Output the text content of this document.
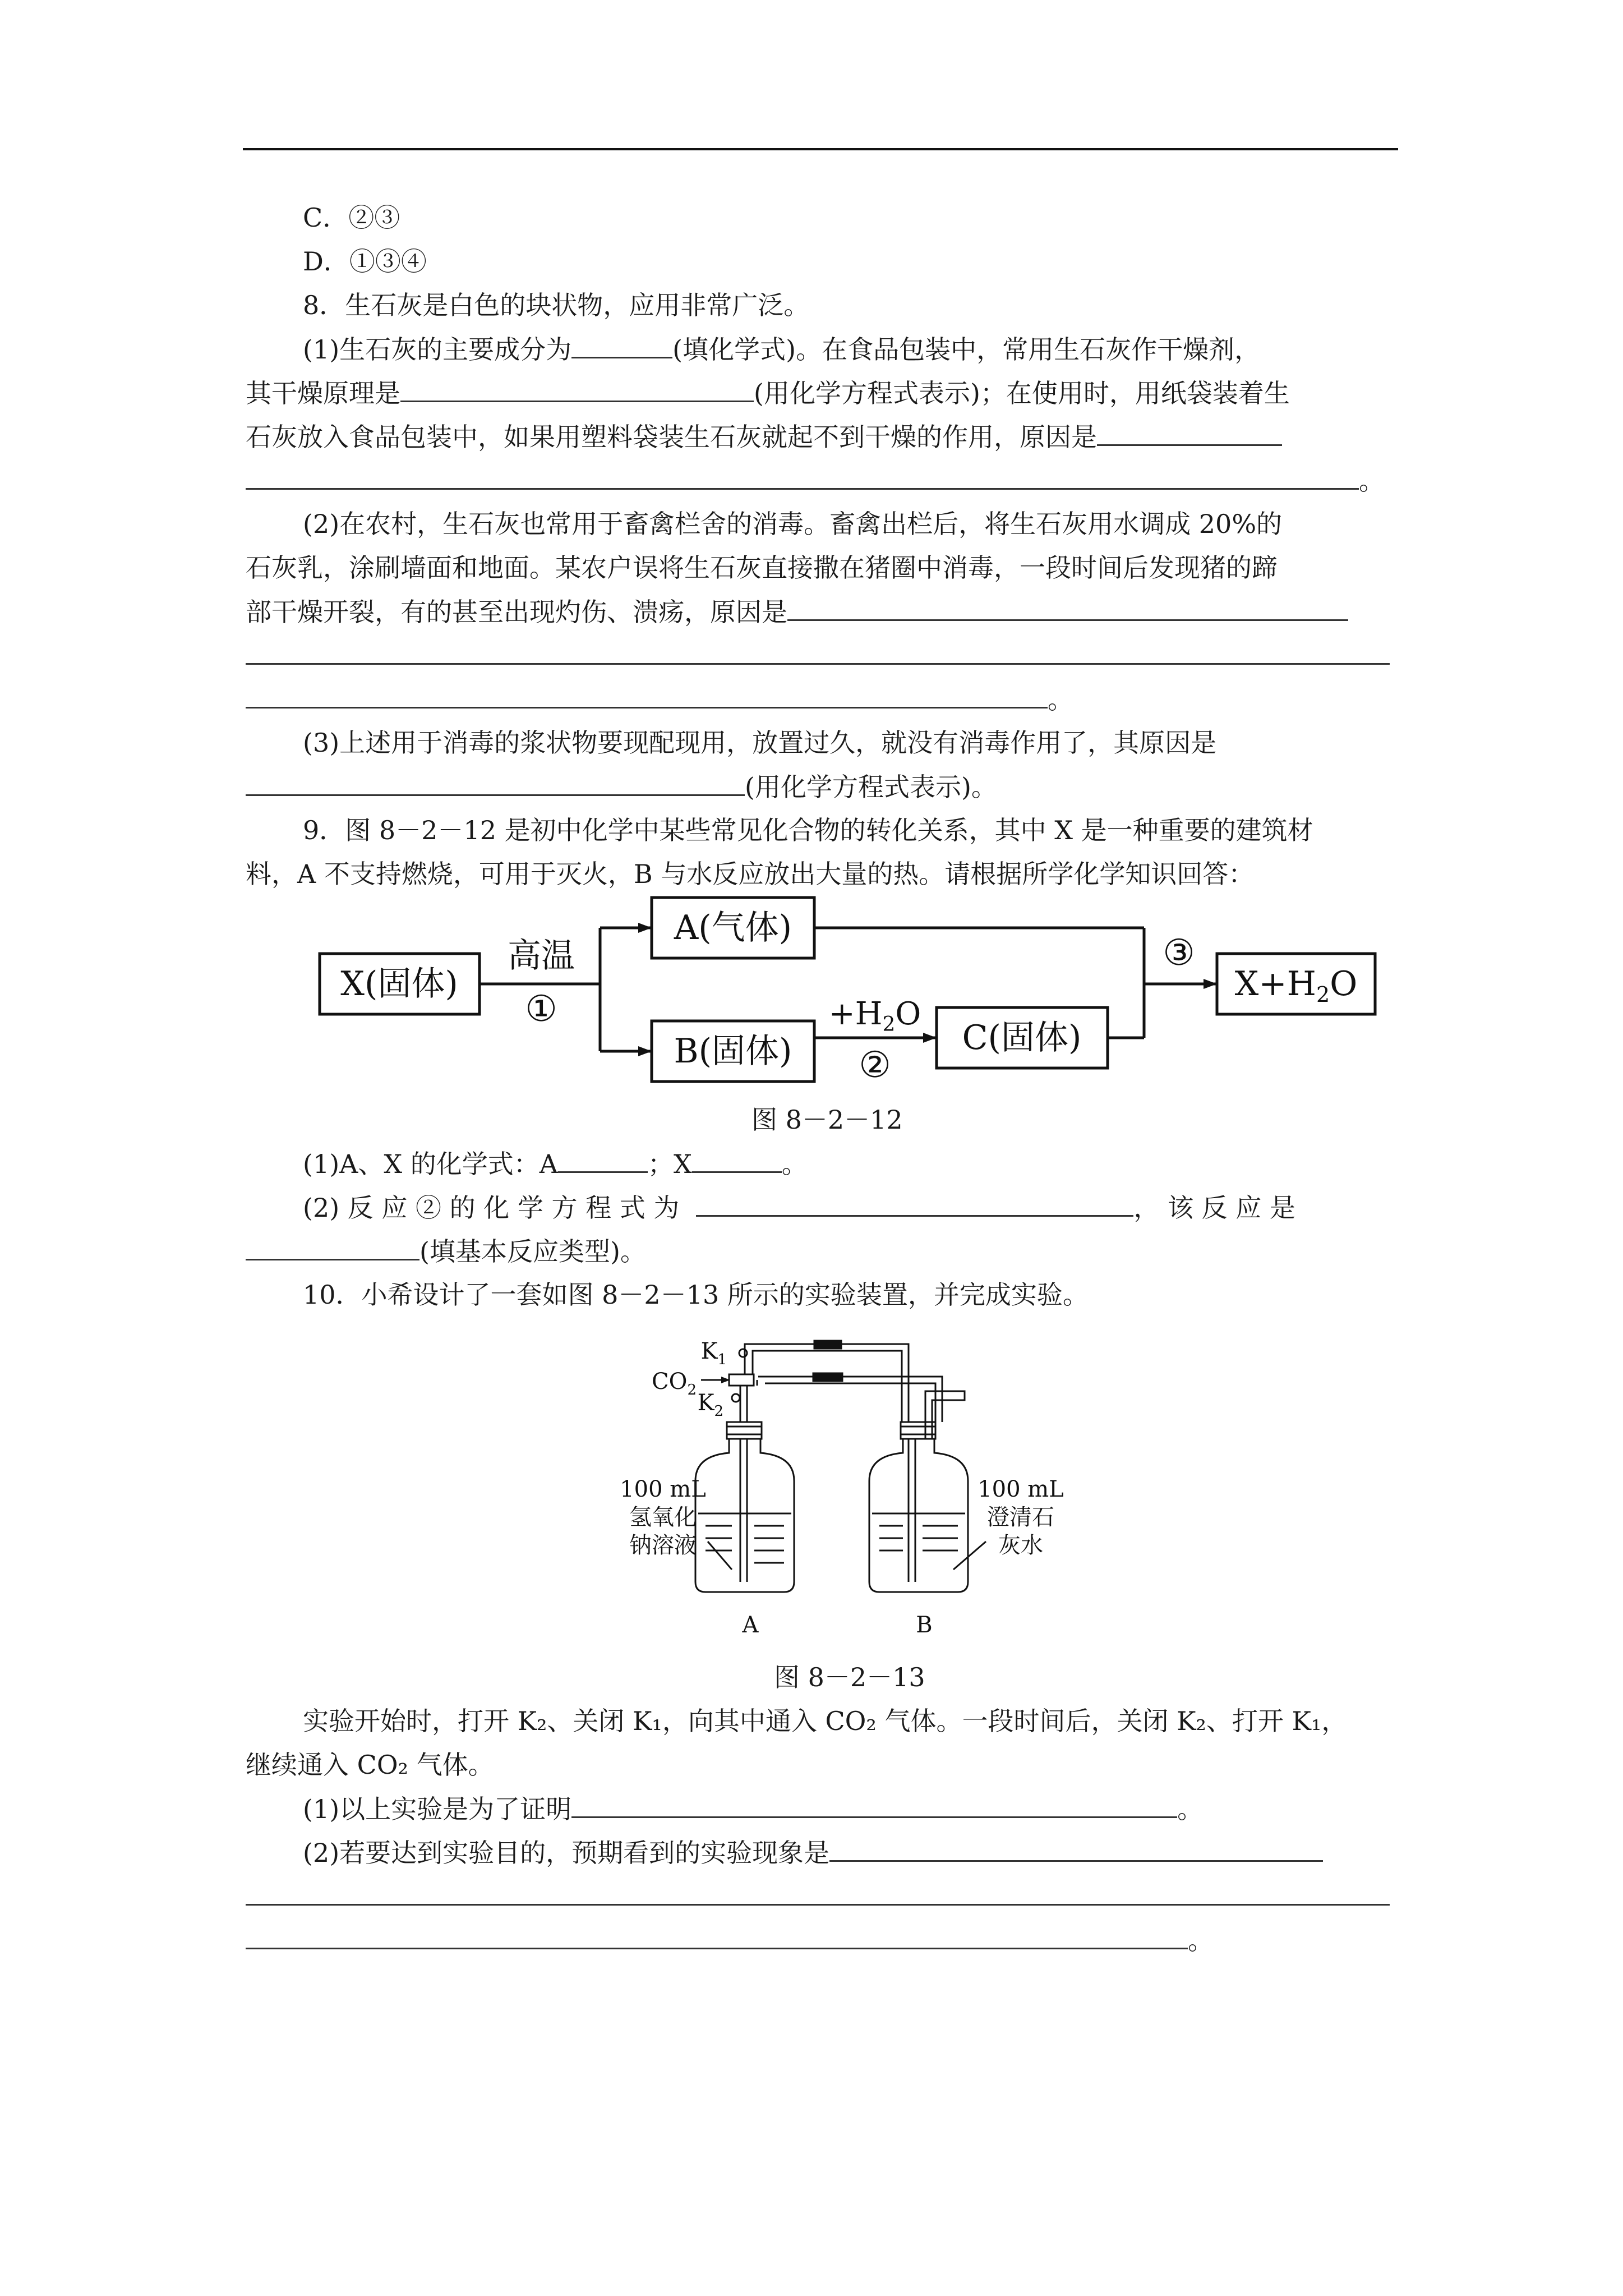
C．②③
D．①③④
8．生石灰是白色的块状物，应用非常广泛。
(1)生石灰的主要成分为	(填化学式)。在食品包装中，常用生石灰作干燥剂，
其干燥原理是	(用化学方程式表示)；在使用时，用纸袋装着生
石灰放入食品包装中，如果用塑料袋装生石灰就起不到干燥的作用，原因是
。
(2)在农村，生石灰也常用于畜禽栏舍的消毒。畜禽出栏后，将生石灰用水调成 20%的
石灰乳，涂刷墙面和地面。某农户误将生石灰直接撒在猪圈中消毒，一段时间后发现猪的蹄
部干燥开裂，有的甚至出现灼伤、溃疡，原因是
。
(3)上述用于消毒的浆状物要现配现用，放置过久，就没有消毒作用了，其原因是
(用化学方程式表示)。
9．图 8－2－12 是初中化学中某些常见化合物的转化关系，其中 X 是一种重要的建筑材
料，A 不支持燃烧，可用于灭火，B 与水反应放出大量的热。请根据所学化学知识回答：
X(固体)
A(气体)
B(固体)	C(固体)
$X+H_2O$
高温
①	$+H_2O$
②
③
图 8－2－12
(1)A、X 的化学式：A	；X	。
(2) 反 应 ② 的 化 学 方 程 式 为	， 该 反 应 是
(填基本反应类型)。
10．小希设计了一套如图 8－2－13 所示的实验装置，并完成实验。
$CO_2$
$K_1$
$K_2$
100 mL
氢氧化
钠溶液
100 mL
澄清石
灰水
A	B
图 8－2－13
实验开始时，打开 K₂、关闭 K₁，向其中通入 CO₂ 气体。一段时间后，关闭 K₂、打开 K₁，
继续通入 CO₂ 气体。
(1)以上实验是为了证明	。
(2)若要达到实验目的，预期看到的实验现象是
。
